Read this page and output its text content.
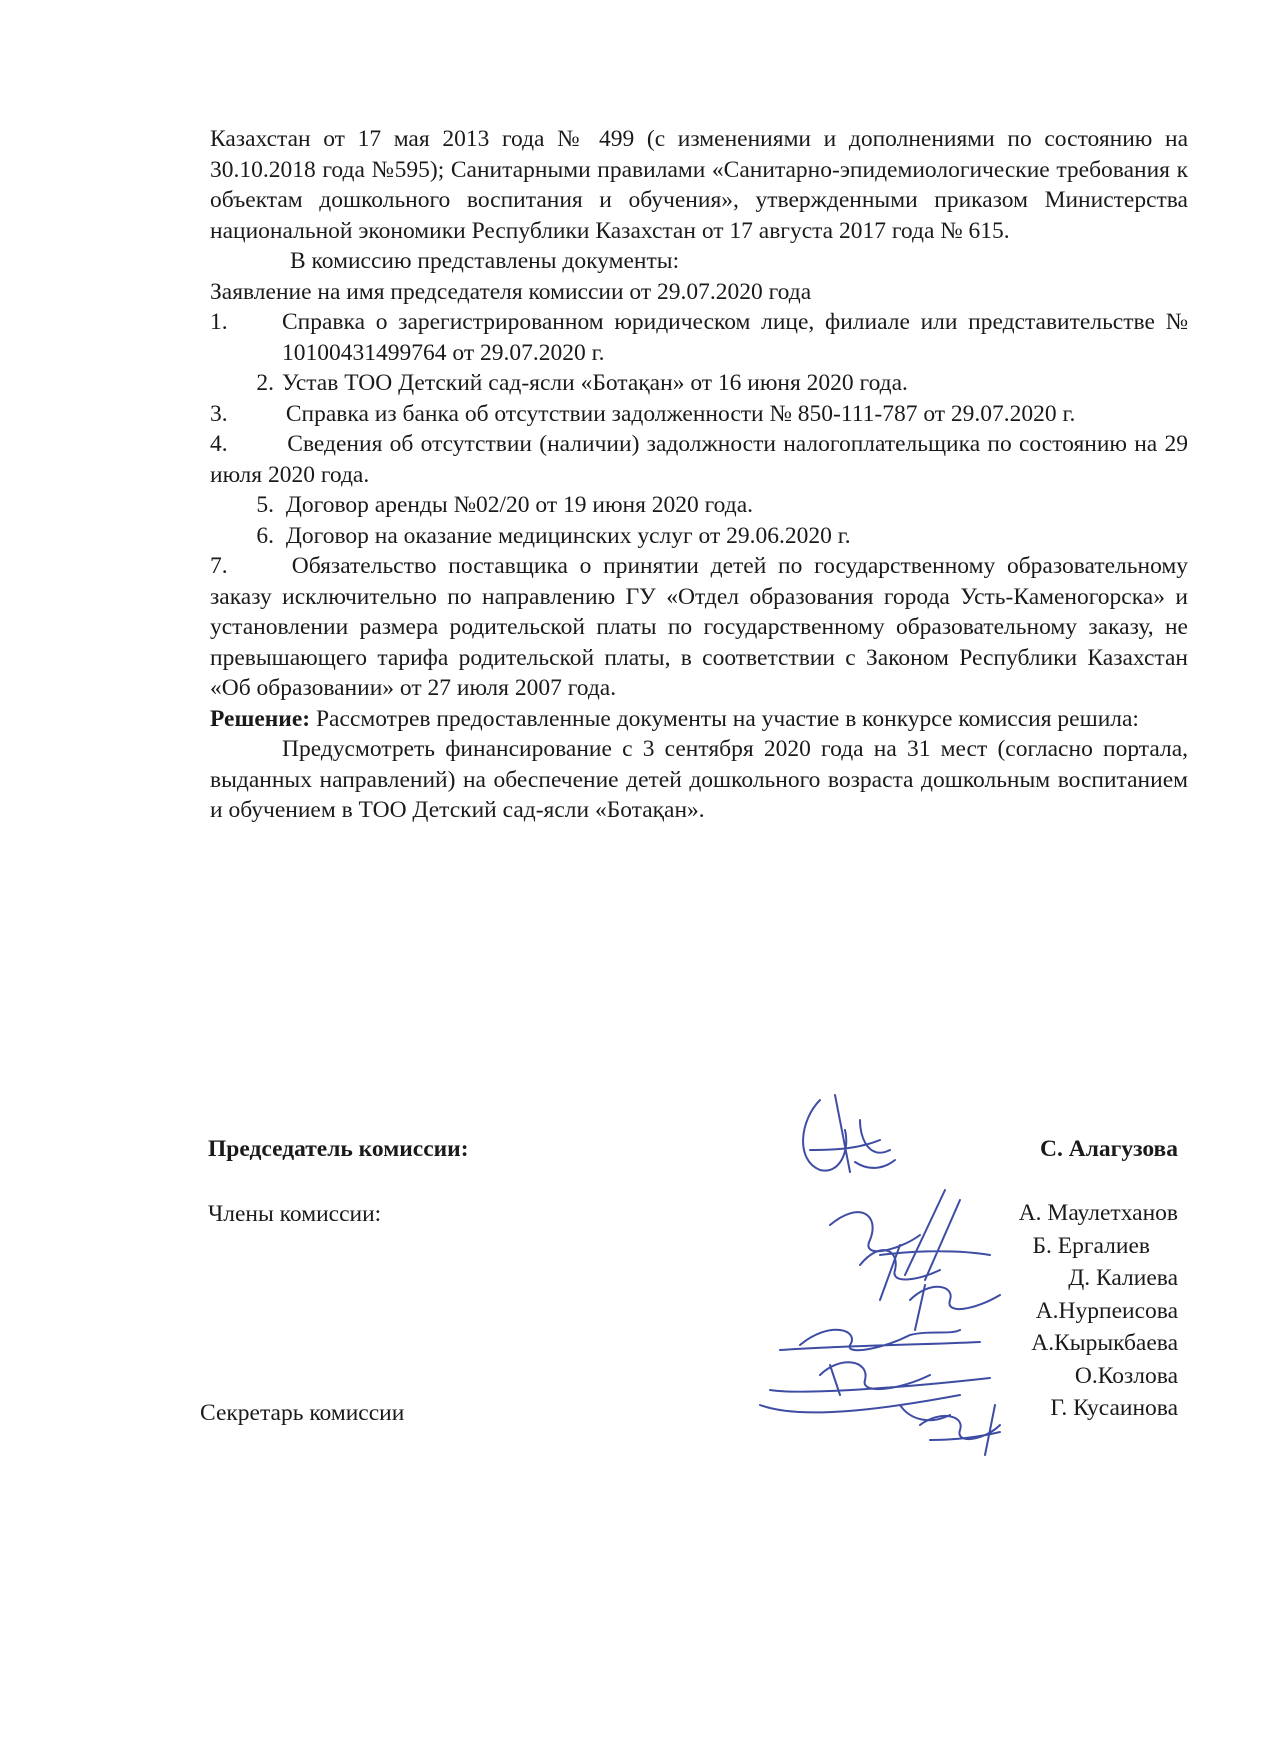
Казахстан от 17 мая 2013 года № 499 (с изменениями и дополнениями по состоянию на 30.10.2018 года №595); Санитарными правилами «Санитарно-эпидемиологические требования к объектам дошкольного воспитания и обучения», утвержденными приказом Министерства национальной экономики Республики Казахстан от 17 августа 2017 года № 615.

В комиссию представлены документы:

Заявление на имя председателя комиссии от 29.07.2020 года

1.	Справка о зарегистрированном юридическом лице, филиале или представительстве № 10100431499764 от 29.07.2020 г.

2. Устав ТОО Детский сад-ясли «Ботақан» от 16 июня 2020 года.

3. Справка из банка об отсутствии задолженности № 850-111-787 от 29.07.2020 г.

4.	Сведения об отсутствии (наличии) задолжности налогоплательщика по состоянию на 29 июля 2020 года.

5. Договор аренды №02/20 от 19 июня 2020 года.

6. Договор на оказание медицинских услуг от 29.06.2020 г.

7.	Обязательство поставщика о принятии детей по государственному образовательному заказу исключительно по направлению ГУ «Отдел образования города Усть-Каменогорска» и установлении размера родительской платы по государственному образовательному заказу, не превышающего тарифа родительской платы, в соответствии с Законом Республики Казахстан «Об образовании» от 27 июля 2007 года.

Решение: Рассмотрев предоставленные документы на участие в конкурсе комиссия решила:

Предусмотреть финансирование с 3 сентября 2020 года на 31 мест (согласно портала, выданных направлений) на обеспечение детей дошкольного возраста дошкольным воспитанием и обучением в ТОО Детский сад-ясли «Ботақан».

Председатель комиссии:	С. Алагузова
Члены комиссии:
Секретарь комиссии
А. Маулетханов
Б. Ергалиев
Д. Калиева
А.Нурпеисова
А.Кырыкбаева
О.Козлова
Г. Кусаинова
